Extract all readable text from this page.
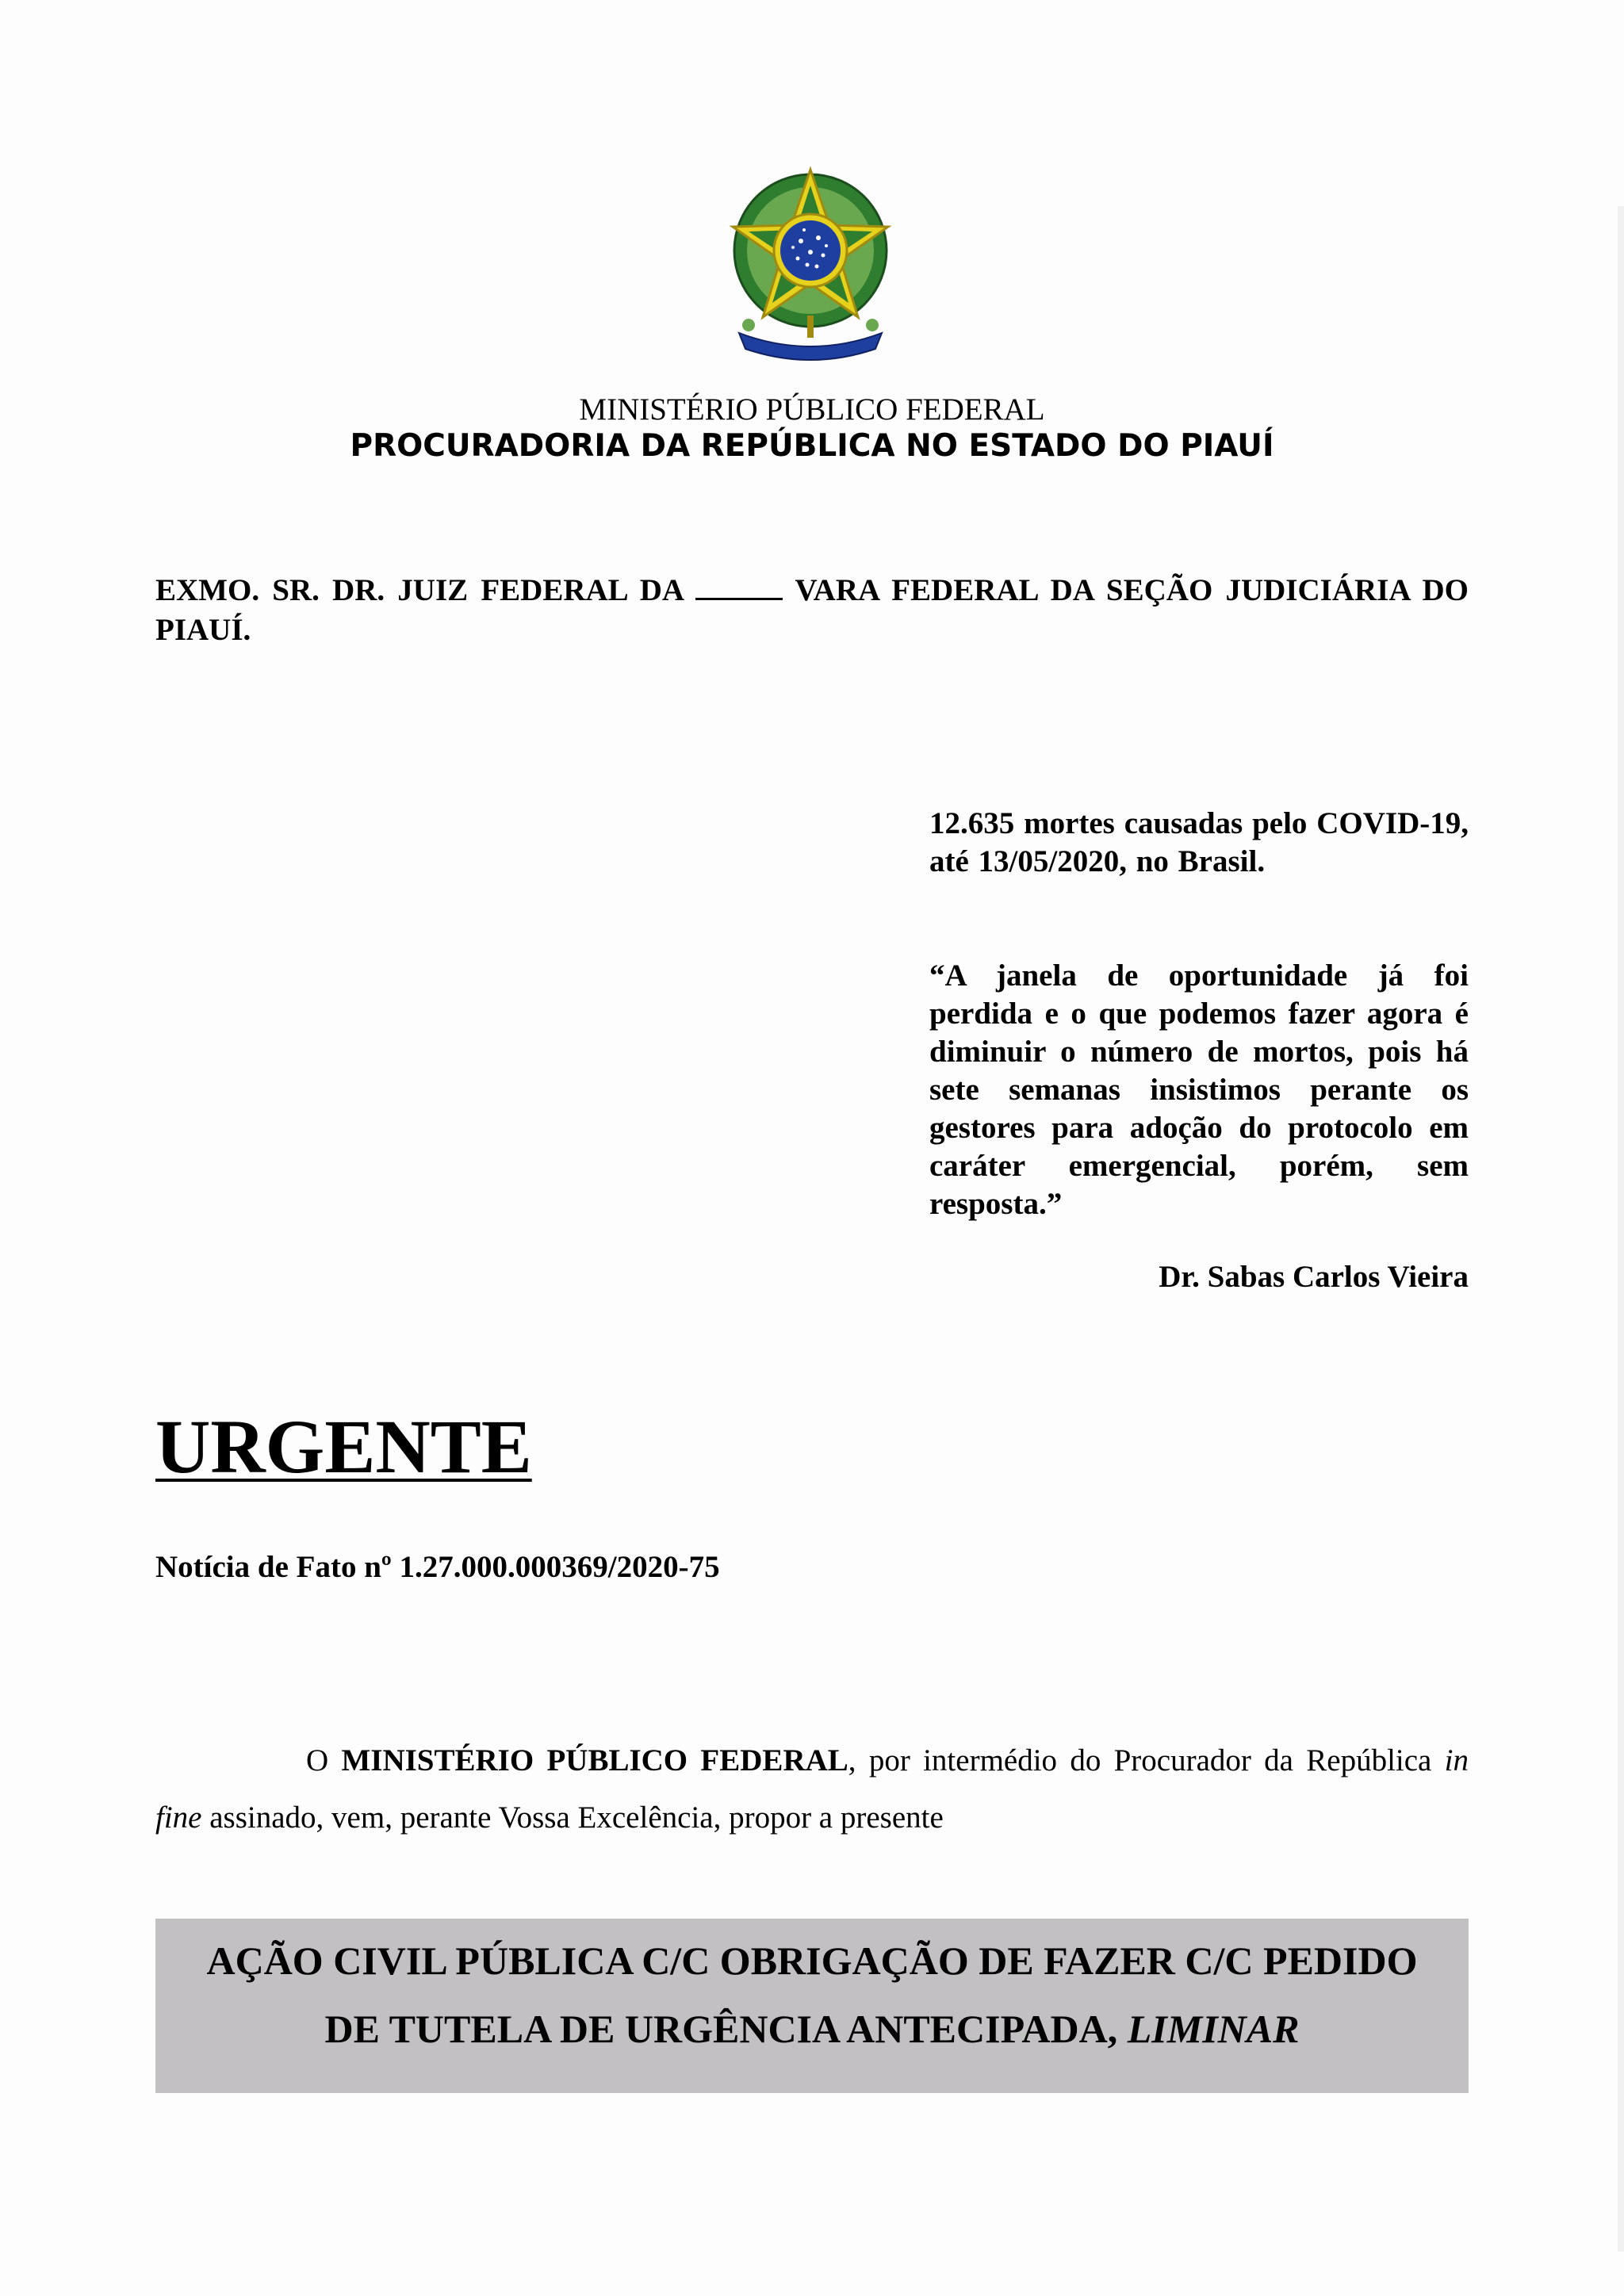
MINISTÉRIO PÚBLICO FEDERAL
PROCURADORIA DA REPÚBLICA NO ESTADO DO PIAUÍ
EXMO. SR. DR. JUIZ FEDERAL DA	VARA FEDERAL DA SEÇÃO JUDICIÁRIA DO PIAUÍ.
12.635 mortes causadas pelo COVID-19, até 13/05/2020, no Brasil.
“A janela de oportunidade já foi perdida e o que podemos fazer agora é diminuir o número de mortos, pois há sete semanas insistimos perante os gestores para adoção do protocolo em caráter emergencial, porém, sem resposta.”
Dr. Sabas Carlos Vieira
URGENTE
Notícia de Fato nº 1.27.000.000369/2020-75
O MINISTÉRIO PÚBLICO FEDERAL, por intermédio do Procurador da República in fine assinado, vem, perante Vossa Excelência, propor a presente
AÇÃO CIVIL PÚBLICA C/C OBRIGAÇÃO DE FAZER C/C PEDIDO
DE TUTELA DE URGÊNCIA ANTECIPADA, LIMINAR
